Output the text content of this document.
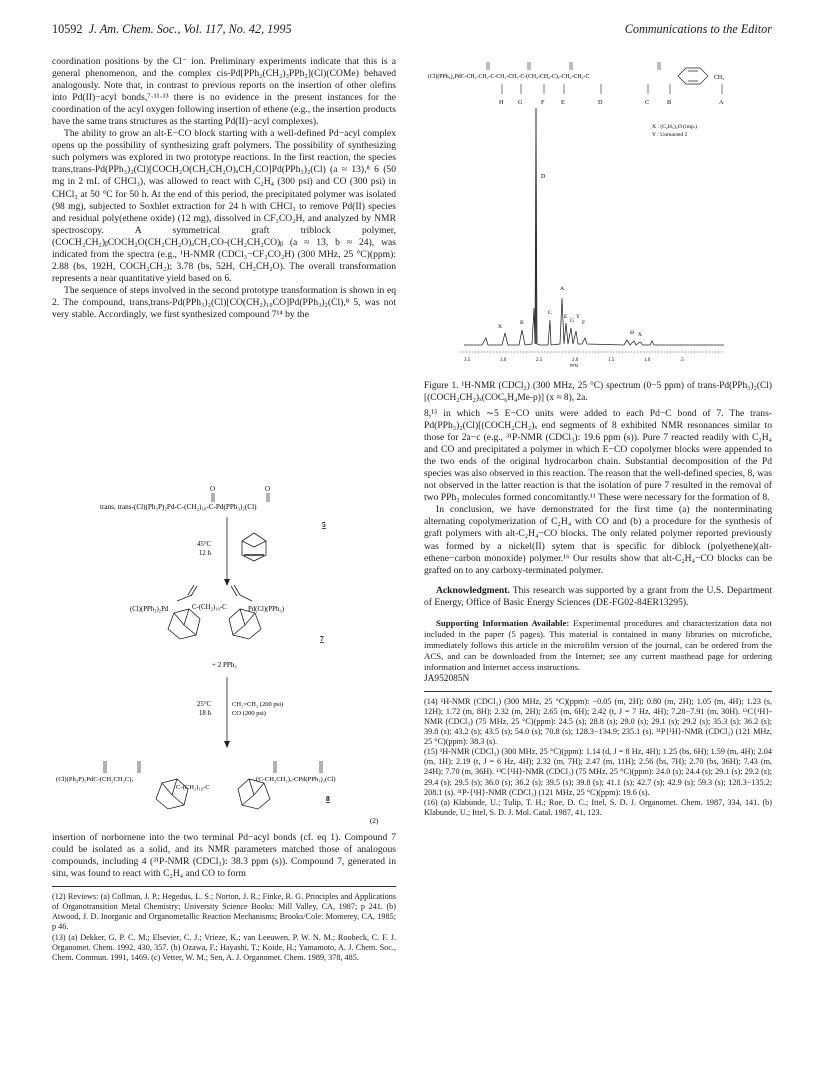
10592 J. Am. Chem. Soc., Vol. 117, No. 42, 1995	Communications to the Editor

coordination positions by the Cl⁻ ion. Preliminary experiments indicate that this is a general phenomenon, and the complex cis-Pd[PPh₂(CH₂)₃PPh₂](Cl)(COMe) behaved analogously. Note that, in contrast to previous reports on the insertion of other olefins into Pd(II)−acyl bonds,⁷·¹¹·¹³ there is no evidence in the present instances for the coordination of the acyl oxygen following insertion of ethene (e.g., the insertion products have the same trans structures as the starting Pd(II)−acyl complexes).

The ability to grow an alt-E−CO block starting with a well-defined Pd−acyl complex opens up the possibility of synthesizing graft polymers. The possibility of synthesizing such polymers was explored in two prototype reactions. In the first reaction, the species trans,trans-Pd(PPh₃)₂(Cl)[COCH₂O(CH₂CH₂O)ₐCH₂CO]Pd(PPh₃)₂(Cl) (a ≈ 13),⁸ 6 (50 mg in 2 mL of CHCl₃), was allowed to react with C₂H₄ (300 psi) and CO (300 psi) in CHCl₃ at 50 °C for 50 h. At the end of this period, the precipitated polymer was isolated (98 mg), subjected to Soxhlet extraction for 24 h with CHCl₃ to remove Pd(II) species and residual poly(ethene oxide) (12 mg), dissolved in CF₃CO₂H, and analyzed by NMR spectroscopy. A symmetrical graft triblock polymer, (COCH₂CH₂)ᵦCOCH₂O(CH₂CH₂O)ₐCH₂CO-(CH₂CH₂CO)ᵦ (a ≈ 13, b ≈ 24), was indicated from the spectra (e.g., ¹H-NMR (CDCl₃−CF₃CO₂H) (300 MHz, 25 °C)(ppm): 2.88 (bs, 192H, COCH₂CH₂); 3.78 (bs, 52H, CH₂CH₂O). The overall transformation represents a near quantitative yield based on 6.

The sequence of steps involved in the second prototype transformation is shown in eq 2. The compound, trans,trans-Pd(PPh₃)₂(Cl)[CO(CH₂)₁₀CO]Pd(PPh₃)₂(Cl),⁸ 5, was not very stable. Accordingly, we first synthesized compound 7¹⁴ by the

trans, trans-(Cl)(Ph₃P)₂Pd-C-(CH₂)₁₀-C-Pd(PPh₃)₂(Cl)
O	O
5
45°C
12 h
(Cl)(PPh₃)₂Pd	C-(CH₂)₁₀-C	Pd(Cl)(PPh₃)
7
+ 2 PPh₃
25°C
18 h
CH₂=CH₂ (200 psi)
CO (200 psi)
(Cl)(Ph₃P)₂PdC-(CH₂CH₂C)ₓ
C-(CH₂)₁₀-C
(C-CH₂CH₂)ₓ-CPd(PPh₃)₂(Cl)
8
(2)

insertion of norbornene into the two terminal Pd−acyl bonds (cf. eq 1). Compound 7 could be isolated as a solid, and its NMR parameters matched those of analogous compounds, including 4 (³¹P-NMR (CDCl₃): 38.3 ppm (s)). Compound 7, generated in situ, was found to react with C₂H₄ and CO to form

(12) Reviews: (a) Collman, J. P.; Hegedus, L. S.; Norton, J. R.; Finke, R. G. Principles and Applications of Organotransition Metal Chemistry; University Science Books: Mill Valley, CA, 1987; p 241. (b) Atwood, J. D. Inorganic and Organometallic Reaction Mechanisms; Brooks/Cole: Monterey, CA, 1985; p 46.

(13) (a) Dekker, G. P. C. M.; Elsevier, C. J.; Vrieze, K.; van Leeuwen, P. W. N. M.; Roobeck, C. F. J. Organomet. Chem. 1992, 430, 357. (b) Ozawa, F.; Hayashi, T.; Koide, H.; Yamamoto, A. J. Chem. Soc., Chem. Commun. 1991, 1469. (c) Vetter, W. M.; Sen, A. J. Organomet. Chem. 1989, 378, 485.

(Cl)(PPh₃)₂PdC-CH₂-CH₂-C-CH₂-CH₂-C-(CH₂-CH₂-C)ₓ-CH₂-CH₂-C	CH₃
H G	F	E	D	C	B	A
X : (C₂H₅)₂O (imp.)
Y : Unreacted 2
D
A
X
B
C
E
G
Y
F
H X
3.5	3.0	2.5	2.0	1.5	1.0	.5
PPM

Figure 1. ¹H-NMR (CDCl₃) (300 MHz, 25 °C) spectrum (0−5 ppm) of trans-Pd(PPh₃)₂(Cl)[(COCH₂CH₂)ₓ(COC₆H₄Me-p)] (x ≈ 8), 2a.

8,¹⁵ in which ∼5 E−CO units were added to each Pd−C bond of 7. The trans-Pd(PPh₃)₂(Cl)[(COCH₂CH₂)ₓ end segments of 8 exhibited NMR resonances similar to those for 2a−c (e.g., ³¹P-NMR (CDCl₃): 19.6 ppm (s)). Pure 7 reacted readily with C₂H₄ and CO and precipitated a polymer in which E−CO copolymer blocks were appended to the two ends of the original hydrocarbon chain. Substantial decomposition of the Pd species was also observed in this reaction. The reason that the well-defined species, 8, was not observed in the latter reaction is that the isolation of pure 7 resulted in the removal of two PPh₃ molecules formed concomitantly.¹¹ These were necessary for the formation of 8.

In conclusion, we have demonstrated for the first time (a) the nonterminating alternating copolymerization of C₂H₄ with CO and (b) a procedure for the synthesis of graft polymers with alt-C₂H₄−CO blocks. The only related polymer reported previously was formed by a nickel(II) sytem that is specific for diblock (polyethene)(alt-ethene−carbon monoxide) polymer.¹⁶ Our results show that alt-C₂H₄−CO blocks can be grafted on to any carboxy-terminated polymer.

Acknowledgment. This research was supported by a grant from the U.S. Department of Energy, Office of Basic Energy Sciences (DE-FG02-84ER13295).

Supporting Information Available: Experimental procedures and characterization data not included in the paper (5 pages). This material is contained in many libraries on microfiche, immediately follows this article in the microfilm version of the journal, can be ordered from the ACS, and can be downloaded from the Internet; see any current masthead page for ordering information and Internet access instructions.

JA952085N

(14) ¹H-NMR (CDCl₃) (300 MHz, 25 °C)(ppm): −0.05 (m, 2H); 0.80 (m, 2H); 1.05 (m, 4H); 1.23 (s, 12H); 1.72 (m, 8H); 2.32 (m, 2H); 2.65 (m, 6H); 2.42 (t, J = 7 Hz, 4H); 7.28−7.91 (m, 30H). ¹³C{¹H}-NMR (CDCl₃) (75 MHz, 25 °C)(ppm): 24.5 (s); 28.8 (s); 29.0 (s); 29.1 (s); 29.2 (s); 35.3 (s); 36.2 (s); 39.8 (s); 43.2 (s); 43.5 (s); 54.0 (s); 70.8 (s); 128.3−134.9; 235.1 (s). ³¹P{¹H}-NMR (CDCl₃) (121 MHz, 25 °C)(ppm): 38.3 (s).

(15) ¹H-NMR (CDCl₃) (300 MHz, 25 °C)(ppm): 1.14 (d, J = 8 Hz, 4H); 1.25 (bs, 6H); 1.59 (m, 4H); 2.04 (m, 1H); 2.19 (t, J = 6 Hz, 4H); 2.32 (m, 7H); 2.47 (m, 11H); 2.56 (bs, 7H); 2.70 (bs, 36H); 7.43 (m, 24H); 7.70 (m, 36H). ¹³C{¹H}-NMR (CDCl₃) (75 MHz, 25 °C)(ppm): 24.0 (s); 24.4 (s); 29.1 (s); 29.2 (s); 29.4 (s); 29.5 (s); 36.0 (s); 36.2 (s); 39.5 (s); 39.8 (s); 41.1 (s); 42.7 (s); 42.9 (s); 59.3 (s); 128.3−135.2; 208.1 (s). ³¹P-{¹H}-NMR (CDCl₃) (121 MHz, 25 °C)(ppm): 19.6 (s).

(16) (a) Klabunde, U.; Tulip, T. H.; Roe, D. C.; Ittel, S. D. J. Organomet. Chem. 1987, 334, 141. (b) Klabunde, U.; Ittel, S. D. J. Mol. Catal. 1987, 41, 123.
